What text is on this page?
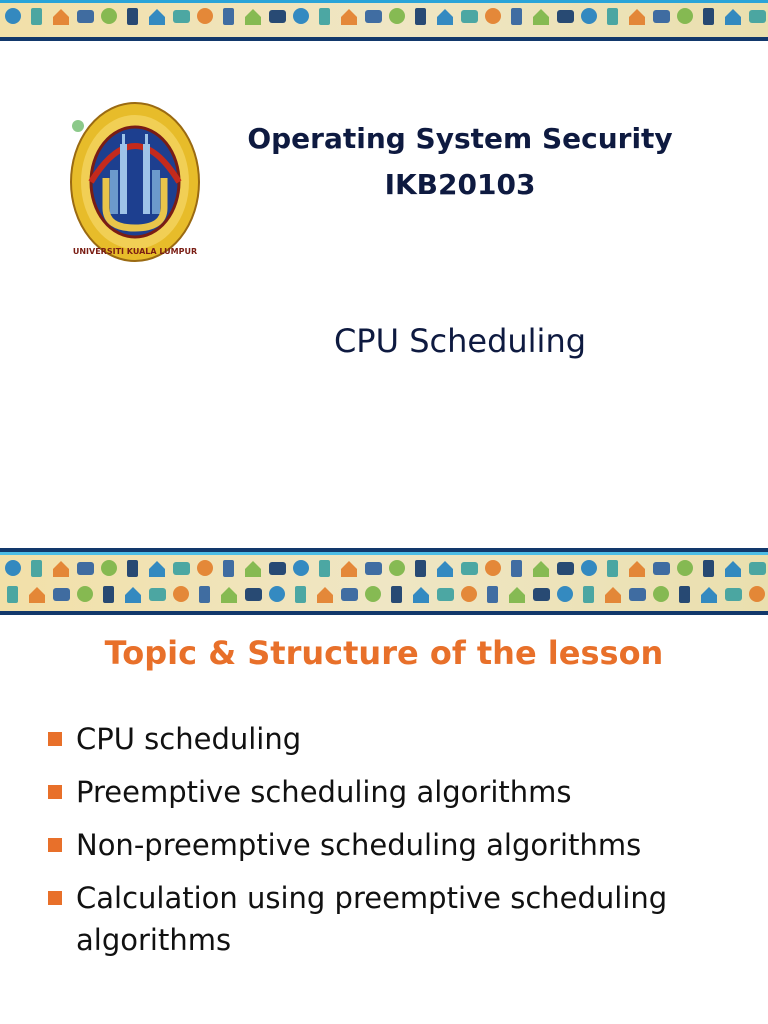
UNIVERSITI KUALA LUMPUR
Operating System Security
IKB20103
CPU Scheduling
Topic & Structure of the lesson
CPU scheduling
Preemptive scheduling algorithms
Non-preemptive scheduling algorithms
Calculation using preemptive scheduling algorithms
